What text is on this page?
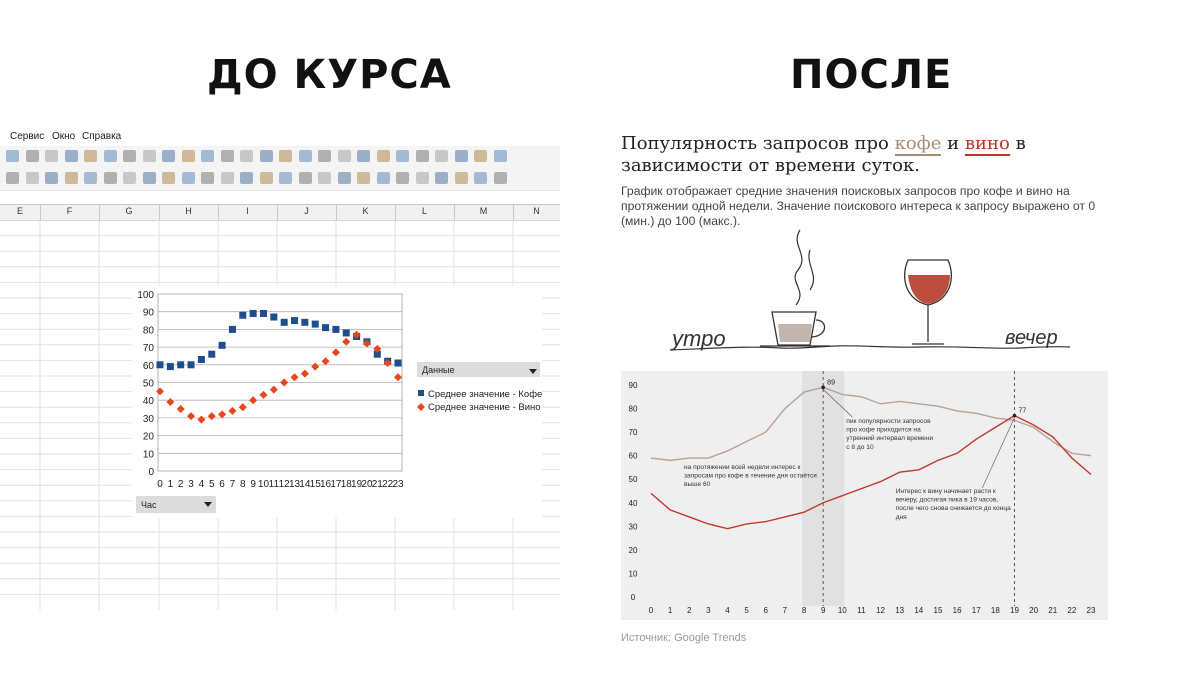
ДО КУРСА	ПОСЛЕ
Сервис Окно Справка
E	F	G	H	I	J	K	L	M	N
0
10
20
30
40
50
60
70
80
90
100
0 1 2 3 4 5 6 7 8 9 10 11 12 13 14 15 16 17 18 19 20 21 22 23
Данные
Среднее значение - Кофе
Среднее значение - Вино
Час
Популярность запросов про кофе и вино в зависимости от времени суток.
График отображает средние значения поисковых запросов про кофе и вино на протяжении одной недели. Значение поискового интереса к запросу выражено от 0 (мин.) до 100 (макс.).
утро	вечер
0
10
20
30
40
50
60
70
80
90
0 1 2 3 4 5 6 7 8 9 10 11 12 13 14 15 16 17 18 19 20 21 22 23
89
77
пик популярности запросов про кофе приходится на утренний интервал времени с 8 до 10
на протяжении всей недели интерес к запросам про кофе в течение дня остаётся выше 60
Интерес к вину начинает расти к вечеру, достигая пика в 19 часов, после чего снова снижается до конца дня
Источник: Google Trends
